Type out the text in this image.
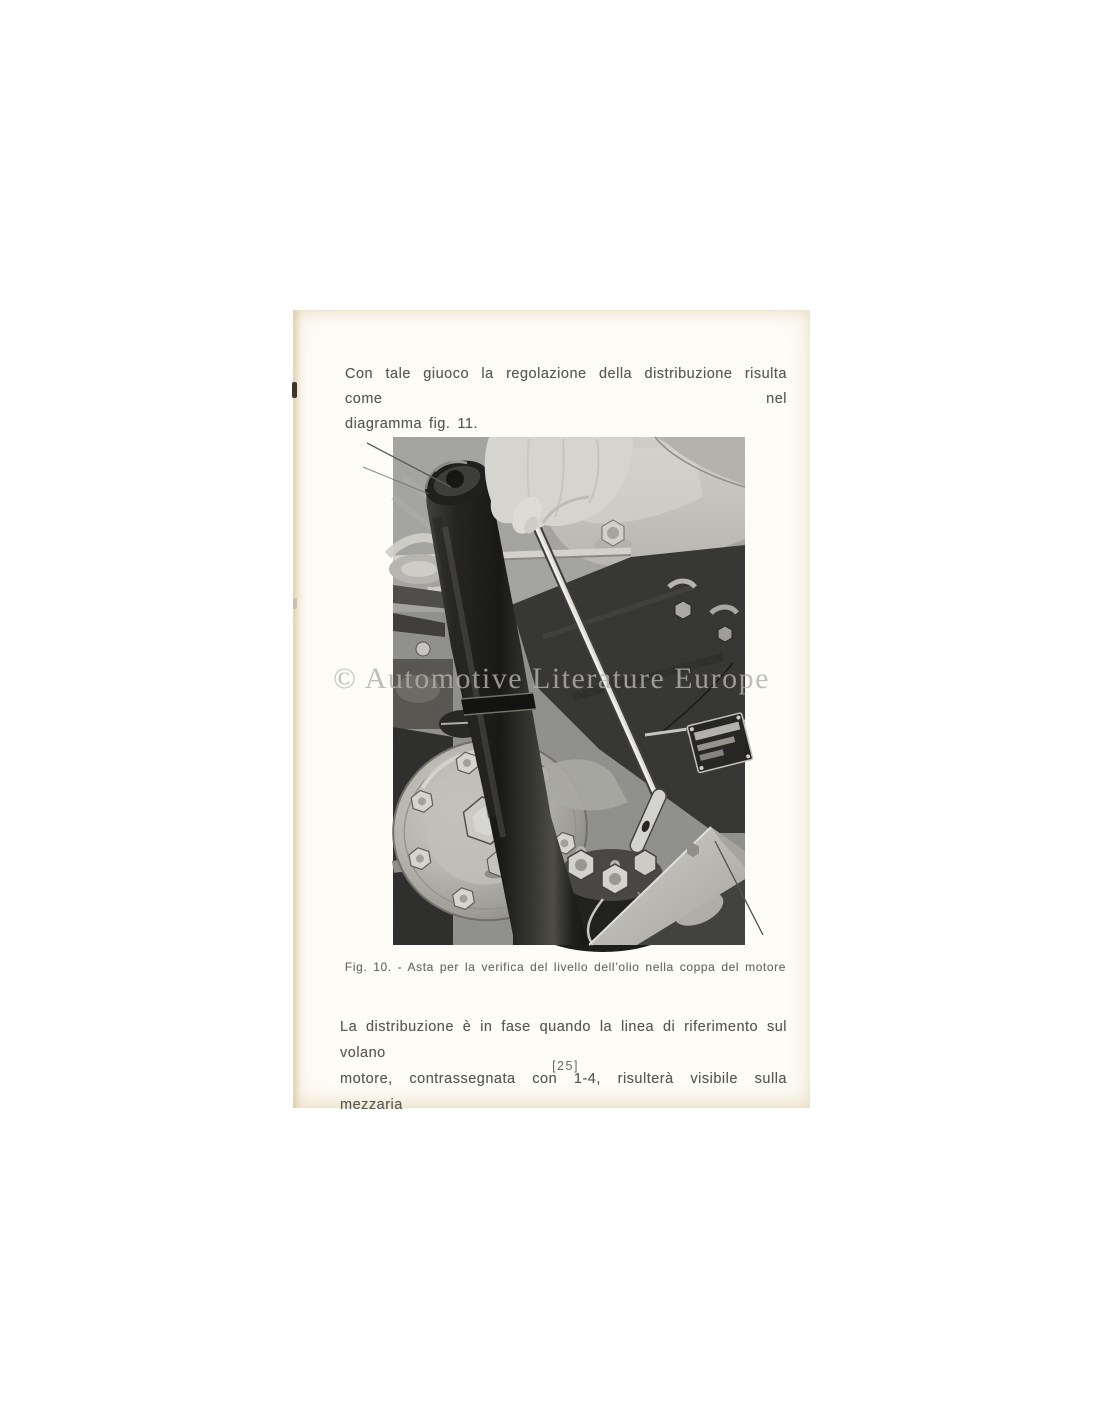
Con tale giuoco la regolazione della distribuzione risulta come nel
diagramma fig. 11.
© Automotive Literature Europe
Fig. 10. - Asta per la verifica del livello dell’olio nella coppa del motore
La distribuzione è in fase quando la linea di riferimento sul volano
motore, contrassegnata con 1-4, risulterà visibile sulla mezzaria
[25]
